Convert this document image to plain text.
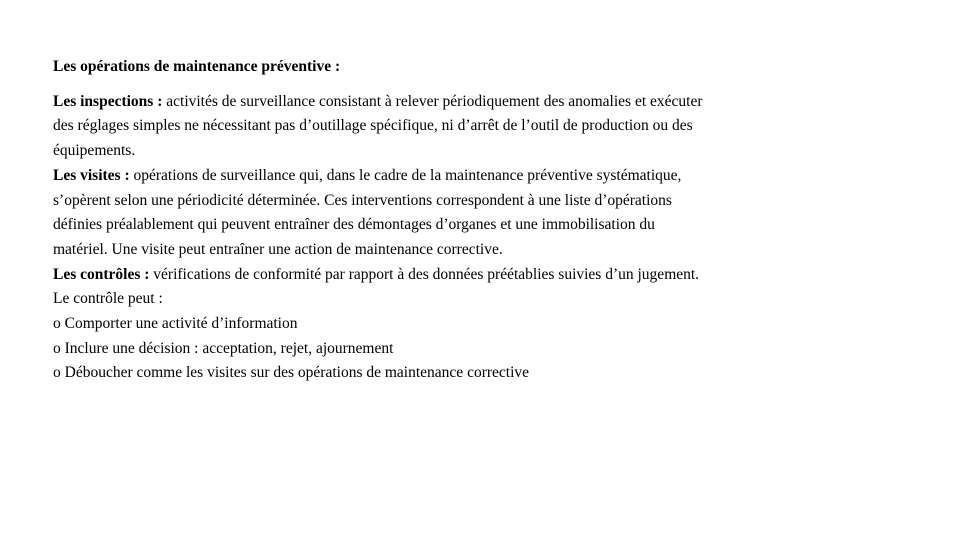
Les opérations de maintenance préventive :

Les inspections : activités de surveillance consistant à relever périodiquement des anomalies et exécuter des réglages simples ne nécessitant pas d’outillage spécifique, ni d’arrêt de l’outil de production ou des équipements.

Les visites : opérations de surveillance qui, dans le cadre de la maintenance préventive systématique, s’opèrent selon une périodicité déterminée. Ces interventions correspondent à une liste d’opérations définies préalablement qui peuvent entraîner des démontages d’organes et une immobilisation du matériel. Une visite peut entraîner une action de maintenance corrective.

Les contrôles : vérifications de conformité par rapport à des données préétablies suivies d’un jugement. Le contrôle peut :

o Comporter une activité d’information

o Inclure une décision : acceptation, rejet, ajournement

o Déboucher comme les visites sur des opérations de maintenance corrective
